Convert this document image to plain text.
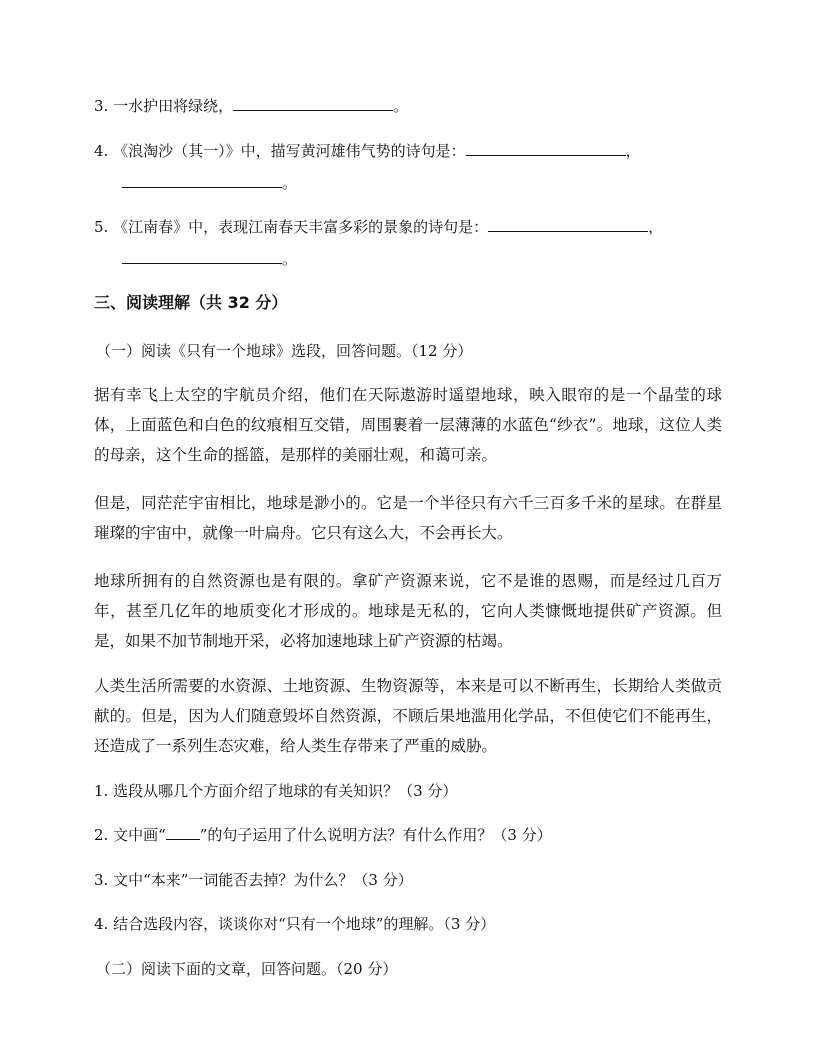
3. 一水护田将绿绕，	。
4. 《浪淘沙（其一）》中，描写黄河雄伟气势的诗句是：	，
。
5. 《江南春》中，表现江南春天丰富多彩的景象的诗句是：	，
。
三、阅读理解（共 32 分）
（一）阅读《只有一个地球》选段，回答问题。（12 分）
据有幸飞上太空的宇航员介绍，他们在天际遨游时遥望地球，映入眼帘的是一个晶莹的球体，上面蓝色和白色的纹痕相互交错，周围裹着一层薄薄的水蓝色“纱衣”。地球，这位人类的母亲，这个生命的摇篮，是那样的美丽壮观，和蔼可亲。
但是，同茫茫宇宙相比，地球是渺小的。它是一个半径只有六千三百多千米的星球。在群星璀璨的宇宙中，就像一叶扁舟。它只有这么大，不会再长大。
地球所拥有的自然资源也是有限的。拿矿产资源来说，它不是谁的恩赐，而是经过几百万年，甚至几亿年的地质变化才形成的。地球是无私的，它向人类慷慨地提供矿产资源。但是，如果不加节制地开采，必将加速地球上矿产资源的枯竭。
人类生活所需要的水资源、土地资源、生物资源等，本来是可以不断再生，长期给人类做贡献的。但是，因为人们随意毁坏自然资源，不顾后果地滥用化学品，不但使它们不能再生，还造成了一系列生态灾难，给人类生存带来了严重的威胁。
1. 选段从哪几个方面介绍了地球的有关知识？（3 分）
2. 文中画“ ”的句子运用了什么说明方法？有什么作用？（3 分）
3. 文中“本来”一词能否去掉？为什么？（3 分）
4. 结合选段内容，谈谈你对“只有一个地球”的理解。（3 分）
（二）阅读下面的文章，回答问题。（20 分）
